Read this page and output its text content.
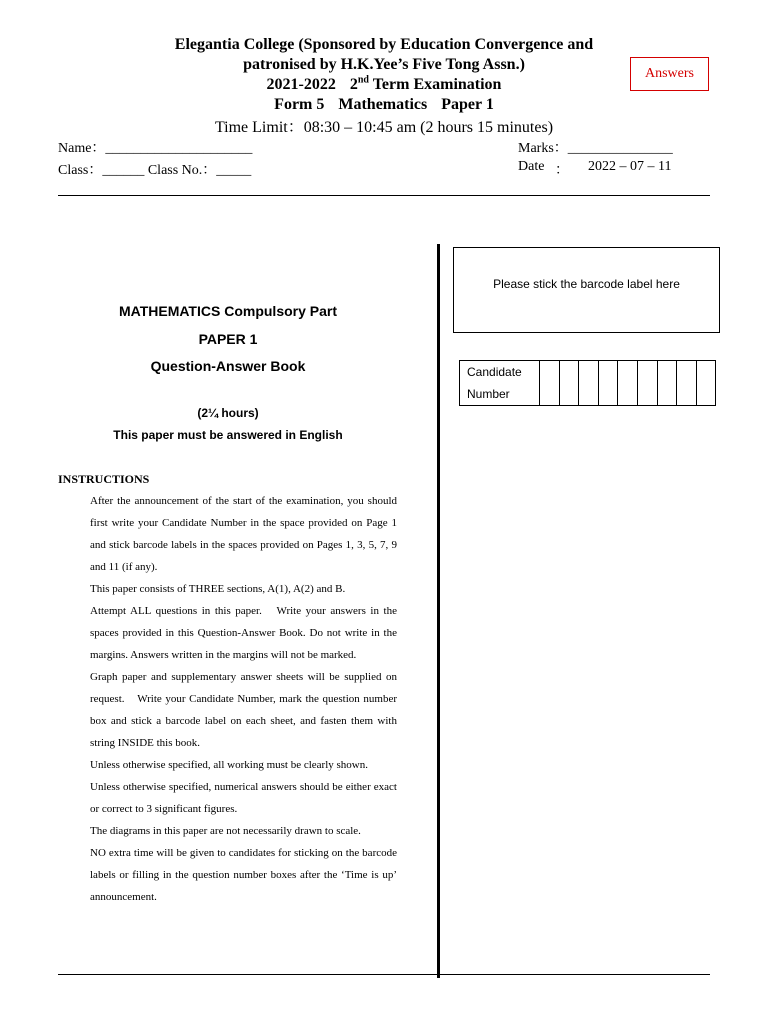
Elegantia College (Sponsored by Education Convergence and
patronised by H.K.Yee’s Five Tong Assn.)
2021-2022 2nd Term Examination
Form 5 Mathematics Paper 1
Time Limit：08:30 – 10:45 am (2 hours 15 minutes)
Answers
Name：_____________________	Marks：_______________
Class：______ Class No.：_____	Date ： 2022 – 07 – 11
MATHEMATICS Compulsory Part
PAPER 1
Question-Answer Book
(2¼ hours)
This paper must be answered in English
INSTRUCTIONS

After the announcement of the start of the examination, you should first write your Candidate Number in the space provided on Page 1 and stick barcode labels in the spaces provided on Pages 1, 3, 5, 7, 9 and 11 (if any).

This paper consists of THREE sections, A(1), A(2) and B.

Attempt ALL questions in this paper.　Write your answers in the spaces provided in this Question-Answer Book. Do not write in the margins. Answers written in the margins will not be marked.

Graph paper and supplementary answer sheets will be supplied on request.　Write your Candidate Number, mark the question number box and stick a barcode label on each sheet, and fasten them with string INSIDE this book.

Unless otherwise specified, all working must be clearly shown.

Unless otherwise specified, numerical answers should be either exact or correct to 3 significant figures.

The diagrams in this paper are not necessarily drawn to scale.

NO extra time will be given to candidates for sticking on the barcode labels or filling in the question number boxes after the ‘Time is up’ announcement.

Please stick the barcode label here
Candidate
Number
